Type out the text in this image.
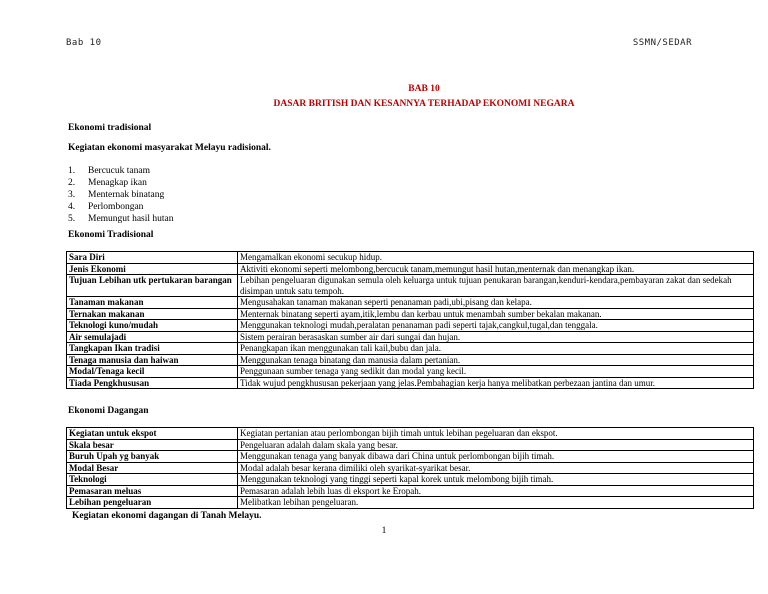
Bab 10	SSMN/SEDAR
BAB 10
DASAR BRITISH DAN KESANNYA TERHADAP EKONOMI NEGARA
Ekonomi tradisional
Kegiatan ekonomi masyarakat Melayu radisional.
1.	Bercucuk tanam
2.	Menagkap ikan
3.	Menternak binatang
4.	Perlombongan
5.	Memungut hasil hutan
Ekonomi Tradisional
Sara Diri	Mengamalkan ekonomi secukup hidup.
Jenis Ekonomi	Aktiviti ekonomi seperti melombong,bercucuk tanam,memungut hasil hutan,menternak dan menangkap ikan.
Tujuan Lebihan utk pertukaran barangan	Lebihan pengeluaran digunakan semula oleh keluarga untuk tujuan penukaran barangan,kenduri-kendara,pembayaran zakat dan sedekah disimpan untuk satu tempoh.
Tanaman makanan	Mengusahakan tanaman makanan seperti penanaman padi,ubi,pisang dan kelapa.
Ternakan makanan	Menternak binatang seperti ayam,itik,lembu dan kerbau untuk menambah sumber bekalan makanan.
Teknologi kuno/mudah	Menggunakan teknologi mudah,peralatan penanaman padi seperti tajak,cangkul,tugal,dan tenggala.
Air semulajadi	Sistem perairan berasaskan sumber air dari sungai dan hujan.
Tangkapan Ikan tradisi	Penangkapan ikan menggunakan tali kail,bubu dan jala.
Tenaga manusia dan haiwan	Menggunakan tenaga binatang dan manusia dalam pertanian.
Modal/Tenaga kecil	Penggunaan sumber tenaga yang sedikit dan modal yang kecil.
Tiada Pengkhususan	Tidak wujud pengkhususan pekerjaan yang jelas.Pembahagian kerja hanya melibatkan perbezaan jantina dan umur.
Ekonomi Dagangan
Kegiatan untuk ekspot	Kegiatan pertanian atau perlombongan bijih timah untuk lebihan pegeluaran dan ekspot.
Skala besar	Pengeluaran adalah dalam skala yang besar.
Buruh Upah yg banyak	Menggunakan tenaga yang banyak dibawa dari China untuk perlombongan bijih timah.
Modal Besar	Modal adalah besar kerana dimiliki oleh syarikat-syarikat besar.
Teknologi	Menggunakan teknologi yang tinggi seperti kapal korek untuk melombong bijih timah.
Pemasaran meluas	Pemasaran adalah lebih luas di eksport ke Eropah.
Lebihan pengeluaran	Melibatkan lebihan pengeluaran.
Kegiatan ekonomi dagangan di Tanah Melayu.
1
